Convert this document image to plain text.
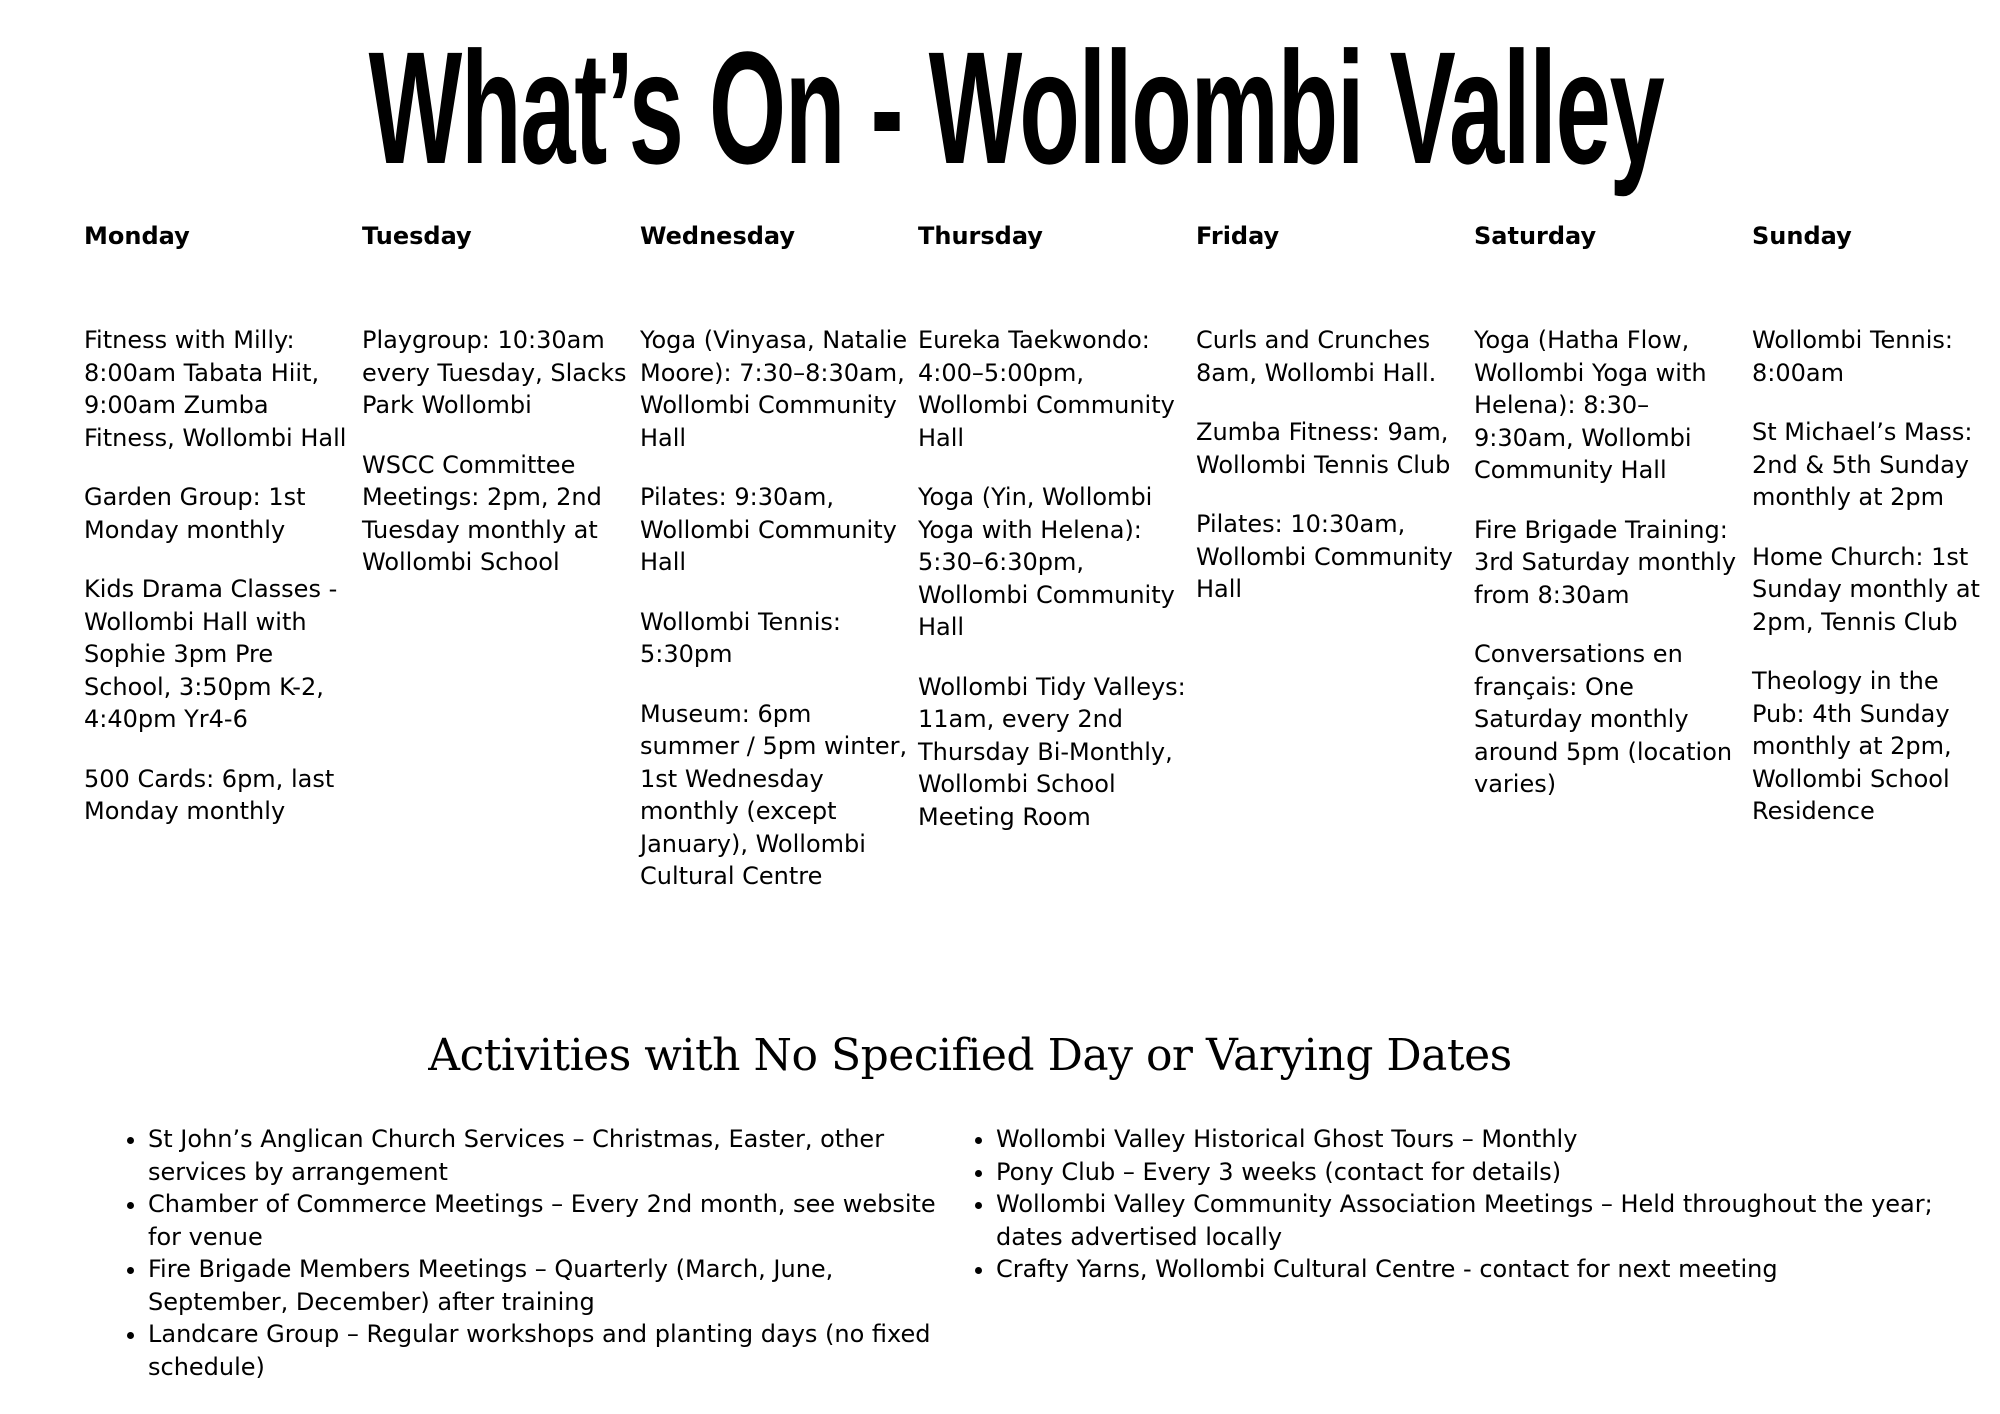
What’s On - Wollombi Valley
Monday

Fitness with Milly: 8:00am Tabata Hiit, 9:00am Zumba Fitness, Wollombi Hall

Garden Group: 1st Monday monthly

Kids Drama Classes - Wollombi Hall with Sophie 3pm Pre School, 3:50pm K-2, 4:40pm Yr4-6

500 Cards: 6pm, last Monday monthly

Tuesday

Playgroup: 10:30am every Tuesday, Slacks Park Wollombi

WSCC Committee Meetings: 2pm, 2nd Tuesday monthly at Wollombi School

Wednesday

Yoga (Vinyasa, Natalie Moore): 7:30–8:30am, Wollombi Community Hall

Pilates: 9:30am, Wollombi Community Hall

Wollombi Tennis: 5:30pm

Museum: 6pm summer / 5pm winter, 1st Wednesday monthly (except January), Wollombi Cultural Centre

Thursday

Eureka Taekwondo: 4:00–5:00pm, Wollombi Community Hall

Yoga (Yin, Wollombi Yoga with Helena): 5:30–6:30pm, Wollombi Community Hall

Wollombi Tidy Valleys: 11am, every 2nd Thursday Bi-Monthly, Wollombi School Meeting Room

Friday

Curls and Crunches 8am, Wollombi Hall.

Zumba Fitness: 9am, Wollombi Tennis Club

Pilates: 10:30am, Wollombi Community Hall

Saturday

Yoga (Hatha Flow, Wollombi Yoga with Helena): 8:30–9:30am, Wollombi Community Hall

Fire Brigade Training: 3rd Saturday monthly from 8:30am

Conversations en français: One Saturday monthly around 5pm (location varies)

Sunday

Wollombi Tennis: 8:00am

St Michael’s Mass: 2nd & 5th Sunday monthly at 2pm

Home Church: 1st Sunday monthly at 2pm, Tennis Club

Theology in the Pub: 4th Sunday monthly at 2pm, Wollombi School Residence

Activities with No Specified Day or Varying Dates
• St John’s Anglican Church Services – Christmas, Easter, other services by arrangement
• Chamber of Commerce Meetings – Every 2nd month, see website for venue
• Fire Brigade Members Meetings – Quarterly (March, June, September, December) after training
• Landcare Group – Regular workshops and planting days (no fixed schedule)
• Wollombi Valley Historical Ghost Tours – Monthly
• Pony Club – Every 3 weeks (contact for details)
• Wollombi Valley Community Association Meetings – Held throughout the year; dates advertised locally
• Crafty Yarns, Wollombi Cultural Centre - contact for next meeting
